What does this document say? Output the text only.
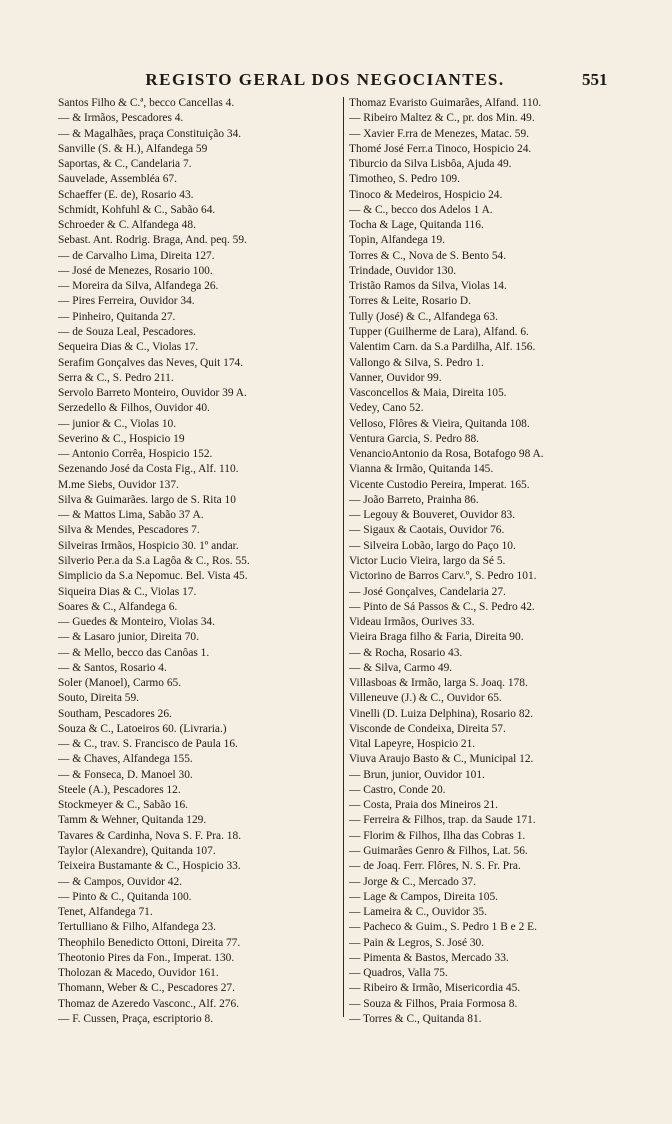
REGISTO GERAL DOS NEGOCIANTES.	551
Santos Filho & C.ª, becco Cancellas 4.
— & Irmãos, Pescadores 4.
— & Magalhães, praça Constituição 34.
Sanville (S. & H.), Alfandega 59
Saportas, & C., Candelaria 7.
Sauvelade, Assembléa 67.
Schaeffer (E. de), Rosario 43.
Schmidt, Kohfuhl & C., Sabão 64.
Schroeder & C. Alfandega 48.
Sebast. Ant. Rodrig. Braga, And. peq. 59.
— de Carvalho Lima, Direita 127.
— José de Menezes, Rosario 100.
— Moreira da Silva, Alfandega 26.
— Pires Ferreira, Ouvidor 34.
— Pinheiro, Quitanda 27.
— de Souza Leal, Pescadores.
Sequeira Dias & C., Violas 17.
Serafim Gonçalves das Neves, Quit 174.
Serra & C., S. Pedro 211.
Servolo Barreto Monteiro, Ouvidor 39 A.
Serzedello & Filhos, Ouvidor 40.
— junior & C., Violas 10.
Severino & C., Hospicio 19
— Antonio Corrêa, Hospicio 152.
Sezenando José da Costa Fig., Alf. 110.
M.me Siebs, Ouvidor 137.
Silva & Guimarães. largo de S. Rita 10
— & Mattos Lima, Sabão 37 A.
Silva & Mendes, Pescadores 7.
Silveiras Irmãos, Hospicio 30. 1º andar.
Silverio Per.a da S.a Lagôa & C., Ros. 55.
Simplicio da S.a Nepomuc. Bel. Vista 45.
Siqueira Dias & C., Violas 17.
Soares & C., Alfandega 6.
— Guedes & Monteiro, Violas 34.
— & Lasaro junior, Direita 70.
— & Mello, becco das Canôas 1.
— & Santos, Rosario 4.
Soler (Manoel), Carmo 65.
Souto, Direita 59.
Southam, Pescadores 26.
Souza & C., Latoeiros 60. (Livraria.)
— & C., trav. S. Francisco de Paula 16.
— & Chaves, Alfandega 155.
— & Fonseca, D. Manoel 30.
Steele (A.), Pescadores 12.
Stockmeyer & C., Sabão 16.
Tamm & Wehner, Quitanda 129.
Tavares & Cardinha, Nova S. F. Pra. 18.
Taylor (Alexandre), Quitanda 107.
Teixeira Bustamante & C., Hospicio 33.
— & Campos, Ouvidor 42.
— Pinto & C., Quitanda 100.
Tenet, Alfandega 71.
Tertulliano & Filho, Alfandega 23.
Theophilo Benedicto Ottoni, Direita 77.
Theotonio Pires da Fon., Imperat. 130.
Tholozan & Macedo, Ouvidor 161.
Thomann, Weber & C., Pescadores 27.
Thomaz de Azeredo Vasconc., Alf. 276.
— F. Cussen, Praça, escriptorio 8.
Thomaz Evaristo Guimarães, Alfand. 110.
— Ribeiro Maltez & C., pr. dos Min. 49.
— Xavier F.rra de Menezes, Matac. 59.
Thomé José Ferr.a Tinoco, Hospicio 24.
Tiburcio da Silva Lisbôa, Ajuda 49.
Timotheo, S. Pedro 109.
Tinoco & Medeiros, Hospicio 24.
— & C., becco dos Adelos 1 A.
Tocha & Lage, Quitanda 116.
Topin, Alfandega 19.
Torres & C., Nova de S. Bento 54.
Trindade, Ouvidor 130.
Tristão Ramos da Silva, Violas 14.
Torres & Leite, Rosario D.
Tully (José) & C., Alfandega 63.
Tupper (Guilherme de Lara), Alfand. 6.
Valentim Carn. da S.a Pardilha, Alf. 156.
Vallongo & Silva, S. Pedro 1.
Vanner, Ouvidor 99.
Vasconcellos & Maia, Direita 105.
Vedey, Cano 52.
Velloso, Flôres & Vieira, Quitanda 108.
Ventura Garcia, S. Pedro 88.
VenancioAntonio da Rosa, Botafogo 98 A.
Vianna & Irmão, Quitanda 145.
Vicente Custodio Pereira, Imperat. 165.
— João Barreto, Prainha 86.
— Legouy & Bouveret, Ouvidor 83.
— Sigaux & Caotais, Ouvidor 76.
— Silveira Lobão, largo do Paço 10.
Victor Lucio Vieira, largo da Sé 5.
Victorino de Barros Carv.º, S. Pedro 101.
— José Gonçalves, Candelaria 27.
— Pinto de Sá Passos & C., S. Pedro 42.
Videau Irmãos, Ourives 33.
Vieira Braga filho & Faria, Direita 90.
— & Rocha, Rosario 43.
— & Silva, Carmo 49.
Villasboas & Irmão, larga S. Joaq. 178.
Villeneuve (J.) & C., Ouvidor 65.
Vinelli (D. Luiza Delphina), Rosario 82.
Visconde de Condeixa, Direita 57.
Vital Lapeyre, Hospicio 21.
Viuva Araujo Basto & C., Municipal 12.
— Brun, junior, Ouvidor 101.
— Castro, Conde 20.
— Costa, Praia dos Mineiros 21.
— Ferreira & Filhos, trap. da Saude 171.
— Florim & Filhos, Ilha das Cobras 1.
— Guimarães Genro & Filhos, Lat. 56.
— de Joaq. Ferr. Flôres, N. S. Fr. Pra.
— Jorge & C., Mercado 37.
— Lage & Campos, Direita 105.
— Lameira & C., Ouvidor 35.
— Pacheco & Guim., S. Pedro 1 B e 2 E.
— Pain & Legros, S. José 30.
— Pimenta & Bastos, Mercado 33.
— Quadros, Valla 75.
— Ribeiro & Irmão, Misericordia 45.
— Souza & Filhos, Praia Formosa 8.
— Torres & C., Quitanda 81.
